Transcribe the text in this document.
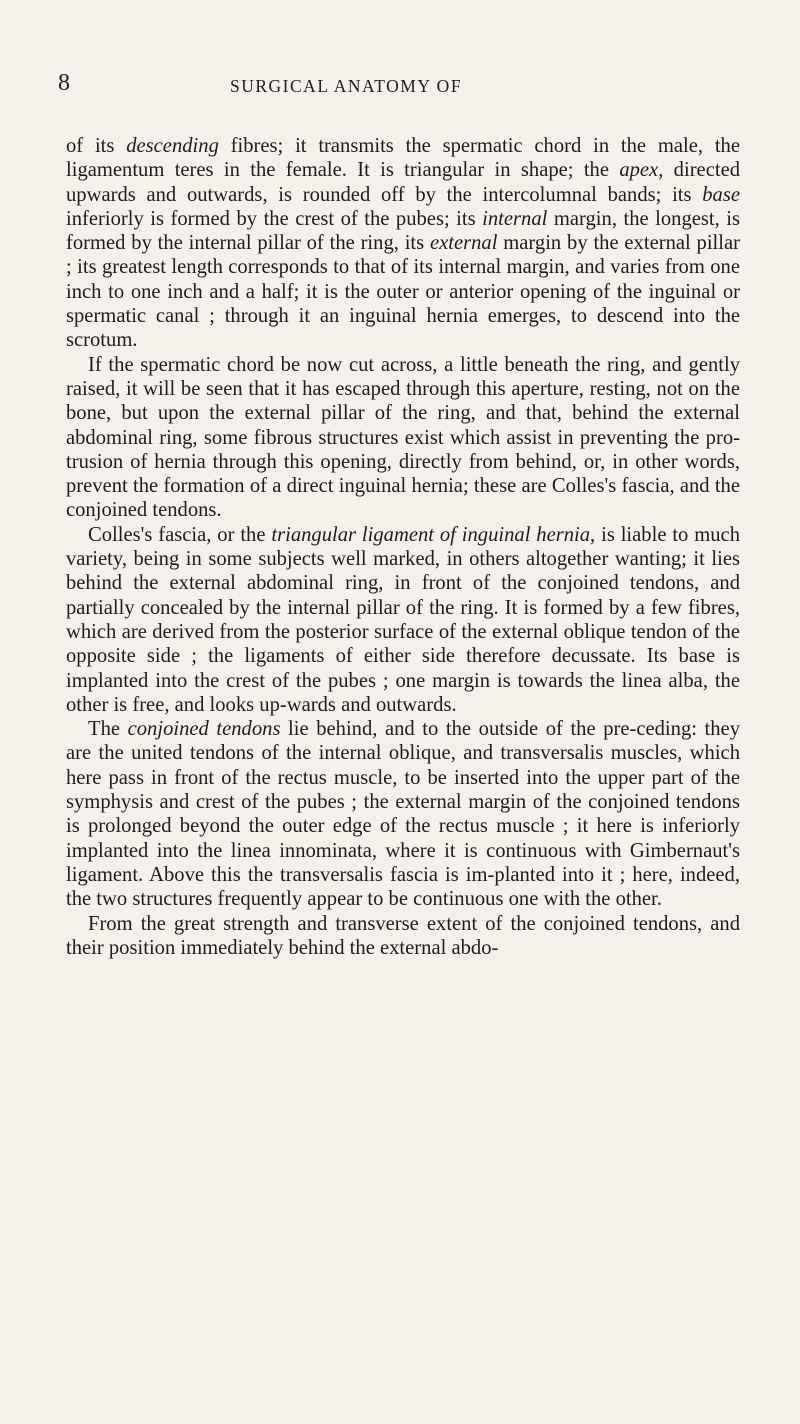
8	SURGICAL ANATOMY OF

of its descending fibres; it transmits the spermatic chord in the male, the ligamentum teres in the female. It is triangular in shape; the apex, directed upwards and outwards, is rounded off by the intercolumnal bands; its base inferiorly is formed by the crest of the pubes; its internal margin, the longest, is formed by the internal pillar of the ring, its external margin by the external pillar ; its greatest length corresponds to that of its internal margin, and varies from one inch to one inch and a half; it is the outer or anterior opening of the inguinal or spermatic canal ; through it an inguinal hernia emerges, to descend into the scrotum.

If the spermatic chord be now cut across, a little beneath the ring, and gently raised, it will be seen that it has escaped through this aperture, resting, not on the bone, but upon the external pillar of the ring, and that, behind the external abdominal ring, some fibrous structures exist which assist in preventing the pro-trusion of hernia through this opening, directly from behind, or, in other words, prevent the formation of a direct inguinal hernia; these are Colles's fascia, and the conjoined tendons.

Colles's fascia, or the triangular ligament of inguinal hernia, is liable to much variety, being in some subjects well marked, in others altogether wanting; it lies behind the external abdominal ring, in front of the conjoined tendons, and partially concealed by the internal pillar of the ring. It is formed by a few fibres, which are derived from the posterior surface of the external oblique tendon of the opposite side ; the ligaments of either side therefore decussate. Its base is implanted into the crest of the pubes ; one margin is towards the linea alba, the other is free, and looks up-wards and outwards.

The conjoined tendons lie behind, and to the outside of the pre-ceding: they are the united tendons of the internal oblique, and transversalis muscles, which here pass in front of the rectus muscle, to be inserted into the upper part of the symphysis and crest of the pubes ; the external margin of the conjoined tendons is prolonged beyond the outer edge of the rectus muscle ; it here is inferiorly implanted into the linea innominata, where it is continuous with Gimbernaut's ligament. Above this the transversalis fascia is im-planted into it ; here, indeed, the two structures frequently appear to be continuous one with the other.

From the great strength and transverse extent of the conjoined tendons, and their position immediately behind the external abdo-
